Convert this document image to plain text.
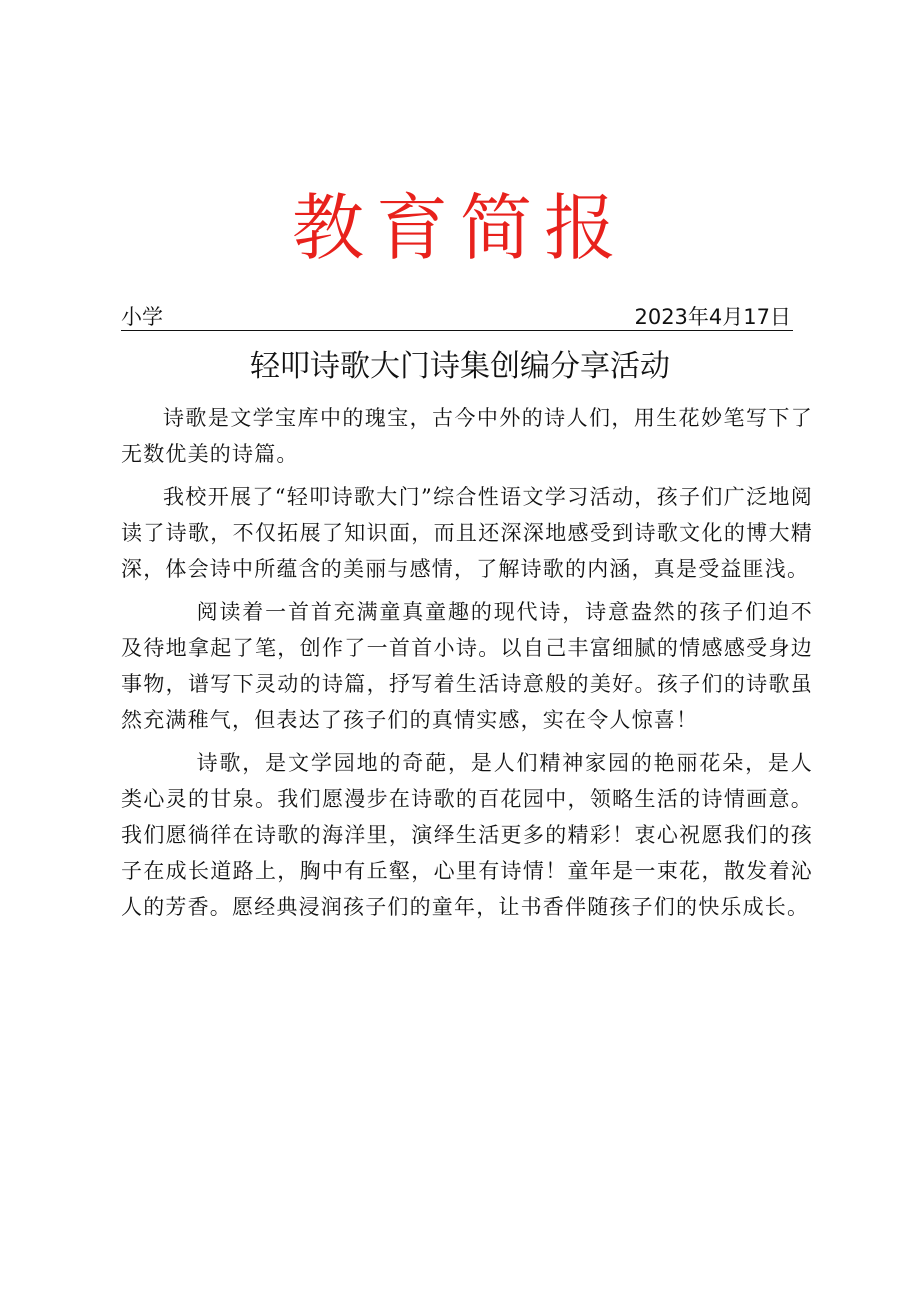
教育简报
小学	2023年4月17日
轻叩诗歌大门诗集创编分享活动

诗歌是文学宝库中的瑰宝，古今中外的诗人们，用生花妙笔写下了无数优美的诗篇。

我校开展了“轻叩诗歌大门”综合性语文学习活动，孩子们广泛地阅读了诗歌，不仅拓展了知识面，而且还深深地感受到诗歌文化的博大精深，体会诗中所蕴含的美丽与感情，了解诗歌的内涵，真是受益匪浅。

阅读着一首首充满童真童趣的现代诗，诗意盎然的孩子们迫不及待地拿起了笔，创作了一首首小诗。以自己丰富细腻的情感感受身边事物，谱写下灵动的诗篇，抒写着生活诗意般的美好。孩子们的诗歌虽然充满稚气，但表达了孩子们的真情实感，实在令人惊喜！

诗歌，是文学园地的奇葩，是人们精神家园的艳丽花朵，是人类心灵的甘泉。我们愿漫步在诗歌的百花园中，领略生活的诗情画意。我们愿徜徉在诗歌的海洋里，演绎生活更多的精彩！衷心祝愿我们的孩子在成长道路上，胸中有丘壑，心里有诗情！童年是一束花，散发着沁人的芳香。愿经典浸润孩子们的童年，让书香伴随孩子们的快乐成长。
